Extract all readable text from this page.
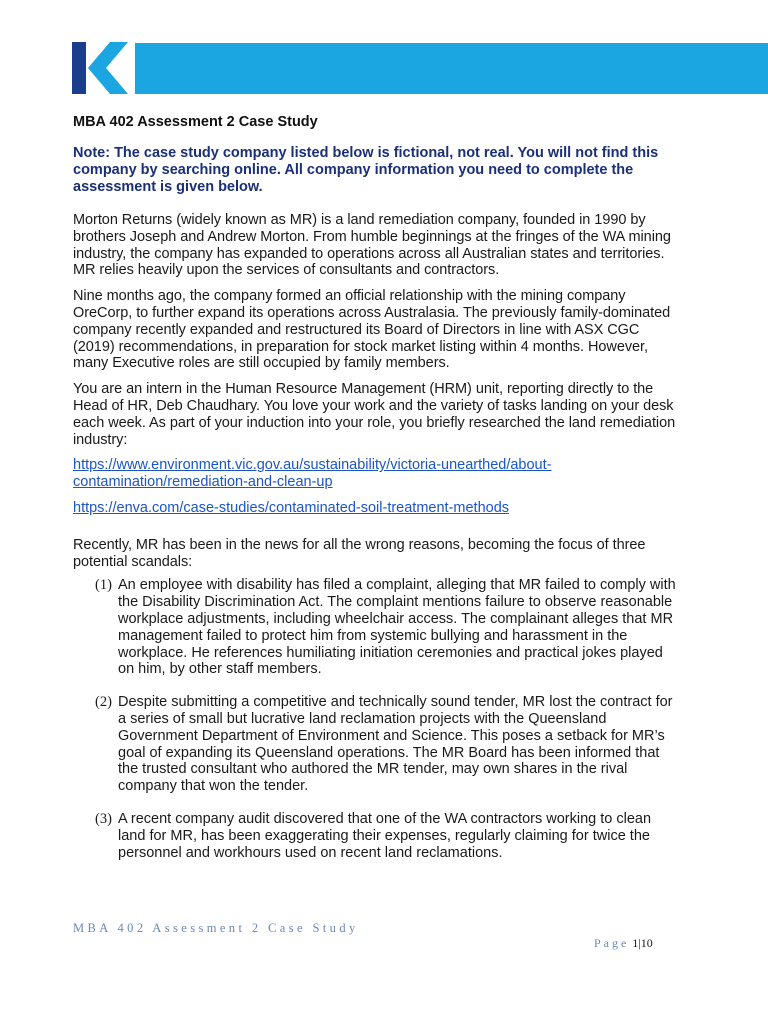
MBA 402 Assessment 2 Case Study
Note: The case study company listed below is fictional, not real. You will not find this company by searching online. All company information you need to complete the assessment is given below.

Morton Returns (widely known as MR) is a land remediation company, founded in 1990 by brothers Joseph and Andrew Morton. From humble beginnings at the fringes of the WA mining industry, the company has expanded to operations across all Australian states and territories. MR relies heavily upon the services of consultants and contractors.

Nine months ago, the company formed an official relationship with the mining company OreCorp, to further expand its operations across Australasia. The previously family-dominated company recently expanded and restructured its Board of Directors in line with ASX CGC (2019) recommendations, in preparation for stock market listing within 4 months. However, many Executive roles are still occupied by family members.

You are an intern in the Human Resource Management (HRM) unit, reporting directly to the Head of HR, Deb Chaudhary. You love your work and the variety of tasks landing on your desk each week. As part of your induction into your role, you briefly researched the land remediation industry:

https://www.environment.vic.gov.au/sustainability/victoria-unearthed/about-contamination/remediation-and-clean-up
https://enva.com/case-studies/contaminated-soil-treatment-methods

Recently, MR has been in the news for all the wrong reasons, becoming the focus of three potential scandals:

(1) An employee with disability has filed a complaint, alleging that MR failed to comply with the Disability Discrimination Act. The complaint mentions failure to observe reasonable workplace adjustments, including wheelchair access. The complainant alleges that MR management failed to protect him from systemic bullying and harassment in the workplace. He references humiliating initiation ceremonies and practical jokes played on him, by other staff members.
(2) Despite submitting a competitive and technically sound tender, MR lost the contract for a series of small but lucrative land reclamation projects with the Queensland Government Department of Environment and Science. This poses a setback for MR’s goal of expanding its Queensland operations. The MR Board has been informed that the trusted consultant who authored the MR tender, may own shares in the rival company that won the tender.
(3) A recent company audit discovered that one of the WA contractors working to clean land for MR, has been exaggerating their expenses, regularly claiming for twice the personnel and workhours used on recent land reclamations.
MBA 402 Assessment 2 Case Study
Page 1|10
